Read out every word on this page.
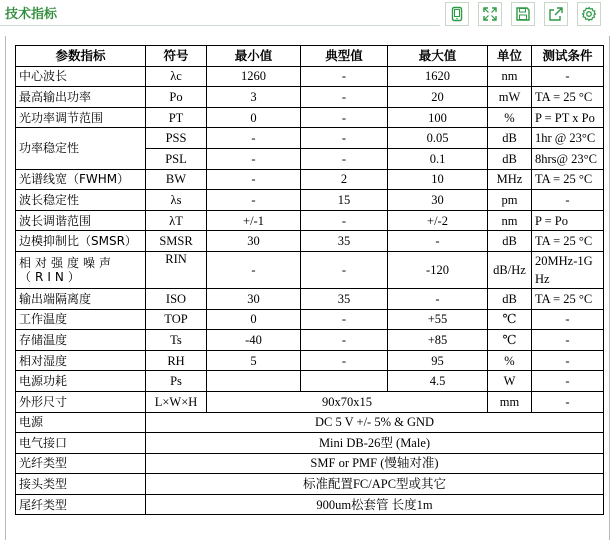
技术指标
参数指标	符号	最小值	典型值	最大值	单位	测试条件
中心波长	λc	1260	-	1620	nm	-
最高输出功率	Po	3	-	20	mW	TA = 25 °C
光功率调节范围	PT	0	-	100	%	P = PT x Po
功率稳定性	PSS	-	-	0.05	dB	1hr @ 23°C
	PSL	-	-	0.1	dB	8hrs@ 23°C
光谱线宽（FWHM）	BW	-	2	10	MHz	TA = 25 °C
波长稳定性	λs	-	15	30	pm	-
波长调谐范围	λT	+/-1	-	+/-2	nm	P = Po
边模抑制比（SMSR）	SMSR	30	35	-	dB	TA = 25 °C
相对强度噪声（RIN）	RIN	-	-	-120	dB/Hz	20MHz-1GHz
输出端隔离度	ISO	30	35	-	dB	TA = 25 °C
工作温度	TOP	0	-	+55	℃	-
存储温度	Ts	-40	-	+85	℃	-
相对湿度	RH	5	-	95	%	-
电源功耗	Ps			4.5	W	-
外形尺寸	L×W×H	90x70x15			mm	-
电源	DC 5 V +/- 5% & GND					
电气接口	Mini DB-26型 (Male)					
光纤类型	SMF or PMF (慢轴对准)					
接头类型	标准配置FC/APC型或其它					
尾纤类型	900um松套管 长度1m					
